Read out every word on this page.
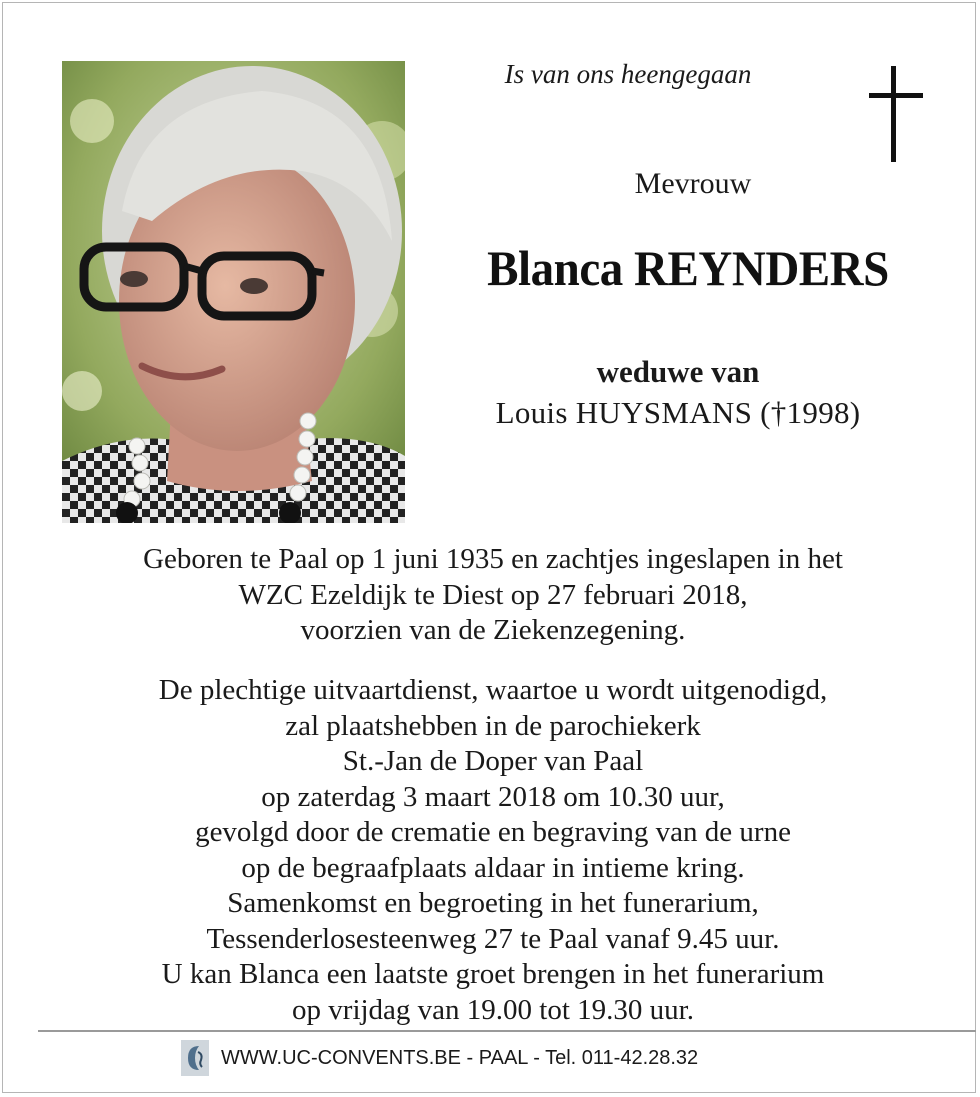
Is van ons heengegaan
Mevrouw
Blanca REYNDERS
weduwe van
Louis HUYSMANS (†1998)
Geboren te Paal op 1 juni 1935 en zachtjes ingeslapen in het
WZC Ezeldijk te Diest op 27 februari 2018,
voorzien van de Ziekenzegening.
De plechtige uitvaartdienst, waartoe u wordt uitgenodigd,
zal plaatshebben in de parochiekerk
St.-Jan de Doper van Paal
op zaterdag 3 maart 2018 om 10.30 uur,
gevolgd door de crematie en begraving van de urne
op de begraafplaats aldaar in intieme kring.
Samenkomst en begroeting in het funerarium,
Tessenderlosesteenweg 27 te Paal vanaf 9.45 uur.
U kan Blanca een laatste groet brengen in het funerarium
op vrijdag van 19.00 tot 19.30 uur.
WWW.UC-CONVENTS.BE - PAAL - Tel. 011-42.28.32
